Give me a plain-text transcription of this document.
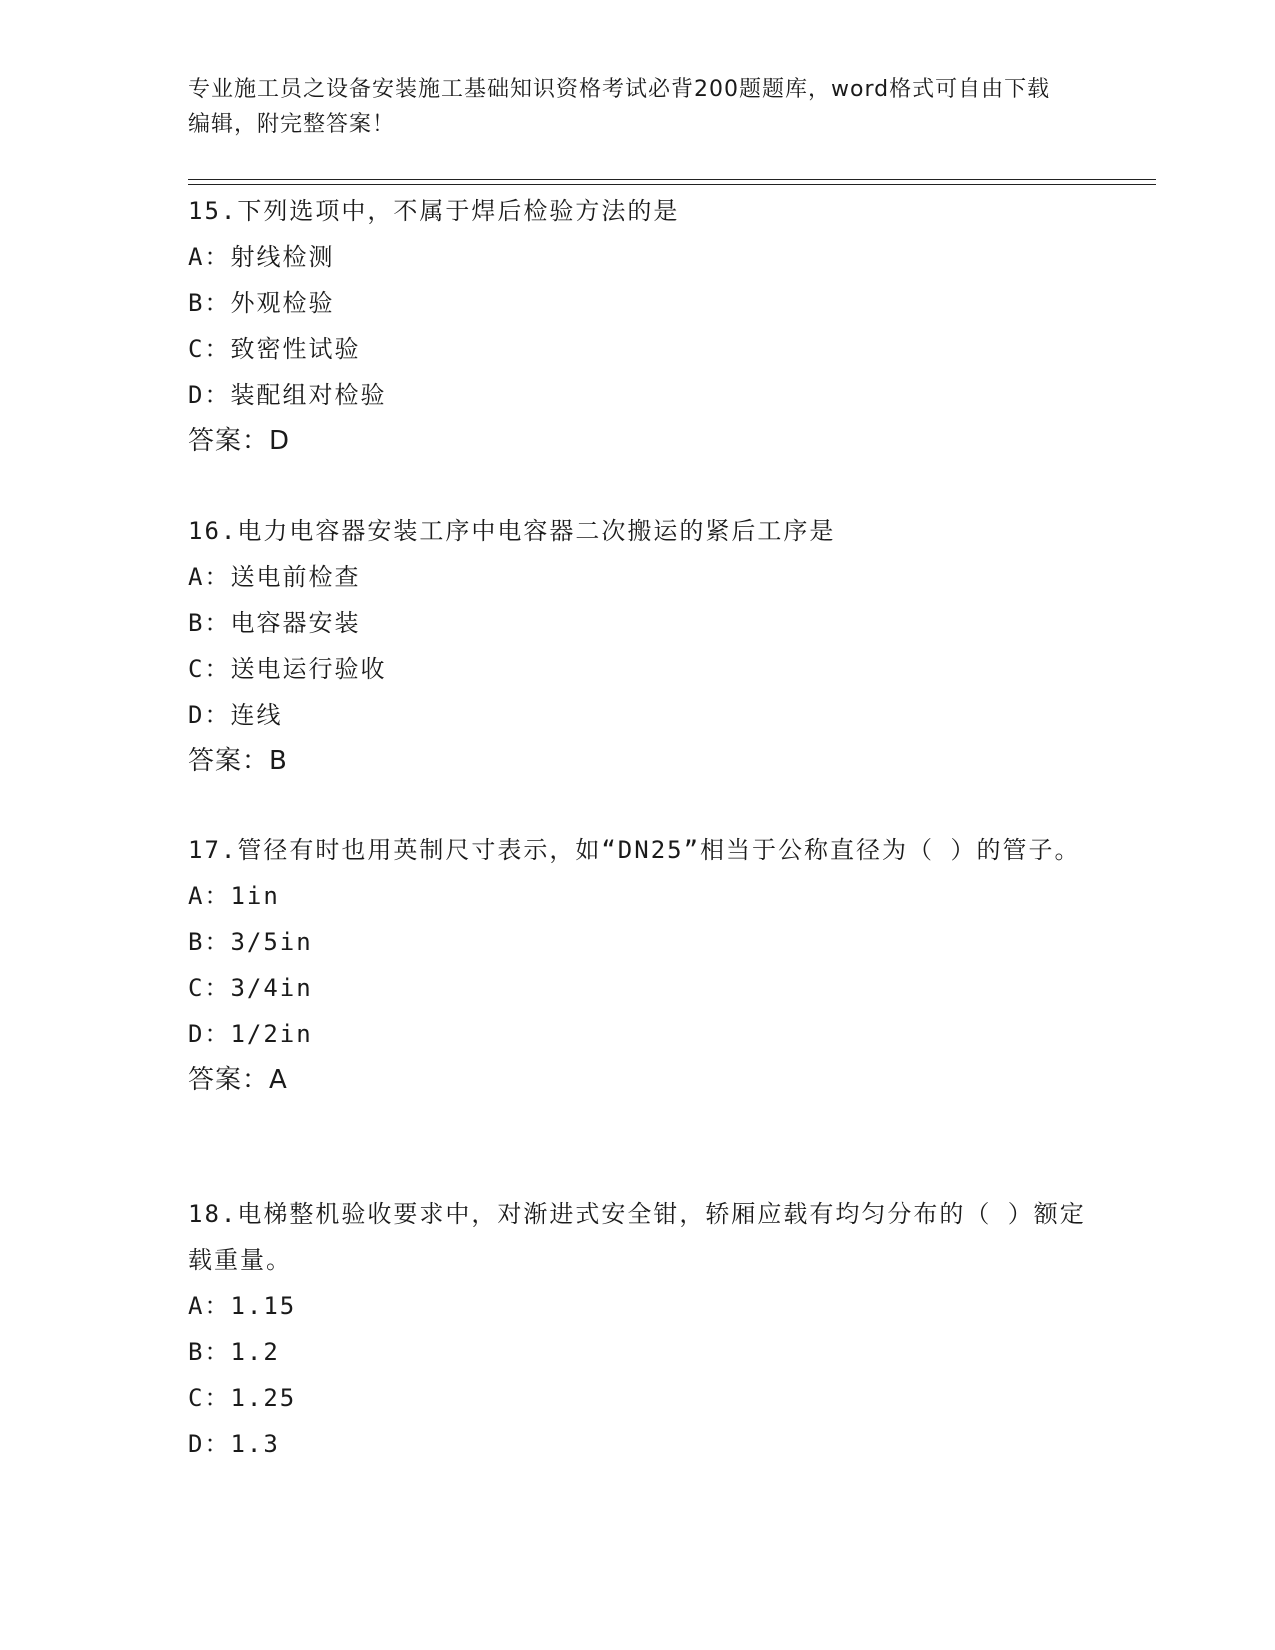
专业施工员之设备安装施工基础知识资格考试必背200题题库，word格式可自由下载编辑，附完整答案！
15.下列选项中，不属于焊后检验方法的是
A：射线检测
B：外观检验
C：致密性试验
D：装配组对检验
答案：D
16.电力电容器安装工序中电容器二次搬运的紧后工序是
A：送电前检查
B：电容器安装
C：送电运行验收
D：连线
答案：B
17.管径有时也用英制尺寸表示，如“DN25”相当于公称直径为（ ）的管子。
A：1in
B：3/5in
C：3/4in
D：1/2in
答案：A
18.电梯整机验收要求中，对渐进式安全钳，轿厢应载有均匀分布的（ ）额定载重量。
A：1.15
B：1.2
C：1.25
D：1.3
